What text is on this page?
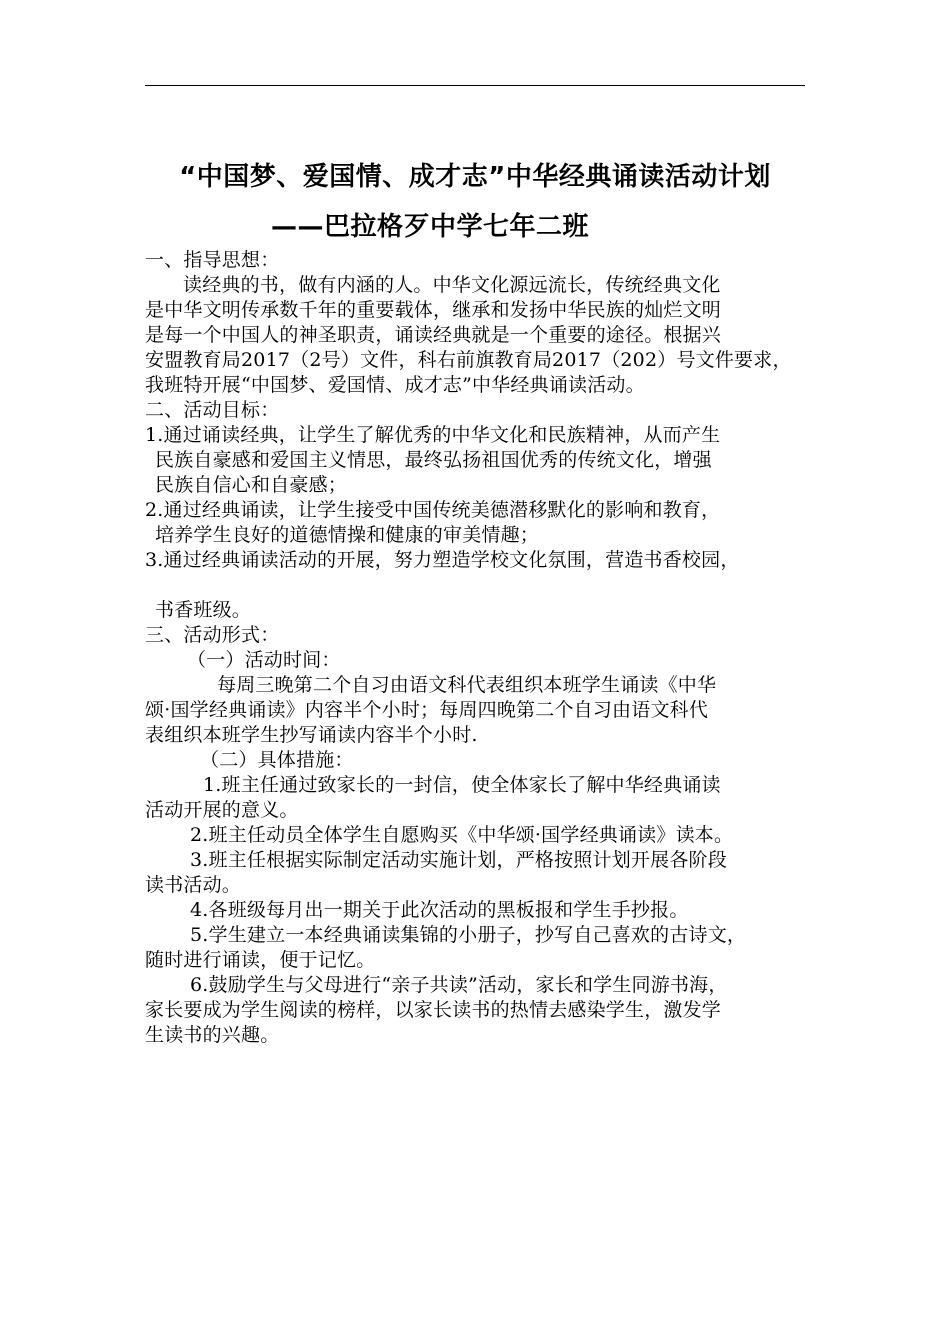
“中国梦、爱国情、成才志”中华经典诵读活动计划
——巴拉格歹中学七年二班

一、指导思想：

读经典的书，做有内涵的人。中华文化源远流长，传统经典文化

是中华文明传承数千年的重要载体，继承和发扬中华民族的灿烂文明

是每一个中国人的神圣职责，诵读经典就是一个重要的途径。根据兴

安盟教育局2017（2号）文件，科右前旗教育局2017（202）号文件要求，

我班特开展“中国梦、爱国情、成才志”中华经典诵读活动。

二、活动目标：

1.通过诵读经典，让学生了解优秀的中华文化和民族精神，从而产生

民族自豪感和爱国主义情思，最终弘扬祖国优秀的传统文化，增强

民族自信心和自豪感；

2.通过经典诵读，让学生接受中国传统美德潜移默化的影响和教育，

培养学生良好的道德情操和健康的审美情趣；

3.通过经典诵读活动的开展，努力塑造学校文化氛围，营造书香校园，

书香班级。

三、活动形式：

（一）活动时间：

每周三晚第二个自习由语文科代表组织本班学生诵读《中华

颂·国学经典诵读》内容半个小时；每周四晚第二个自习由语文科代

表组织本班学生抄写诵读内容半个小时.

（二）具体措施：

1.班主任通过致家长的一封信，使全体家长了解中华经典诵读

活动开展的意义。

2.班主任动员全体学生自愿购买《中华颂·国学经典诵读》读本。

3.班主任根据实际制定活动实施计划，严格按照计划开展各阶段

读书活动。

4.各班级每月出一期关于此次活动的黑板报和学生手抄报。

5.学生建立一本经典诵读集锦的小册子，抄写自己喜欢的古诗文，

随时进行诵读，便于记忆。

6.鼓励学生与父母进行“亲子共读”活动，家长和学生同游书海，

家长要成为学生阅读的榜样，以家长读书的热情去感染学生，激发学

生读书的兴趣。
